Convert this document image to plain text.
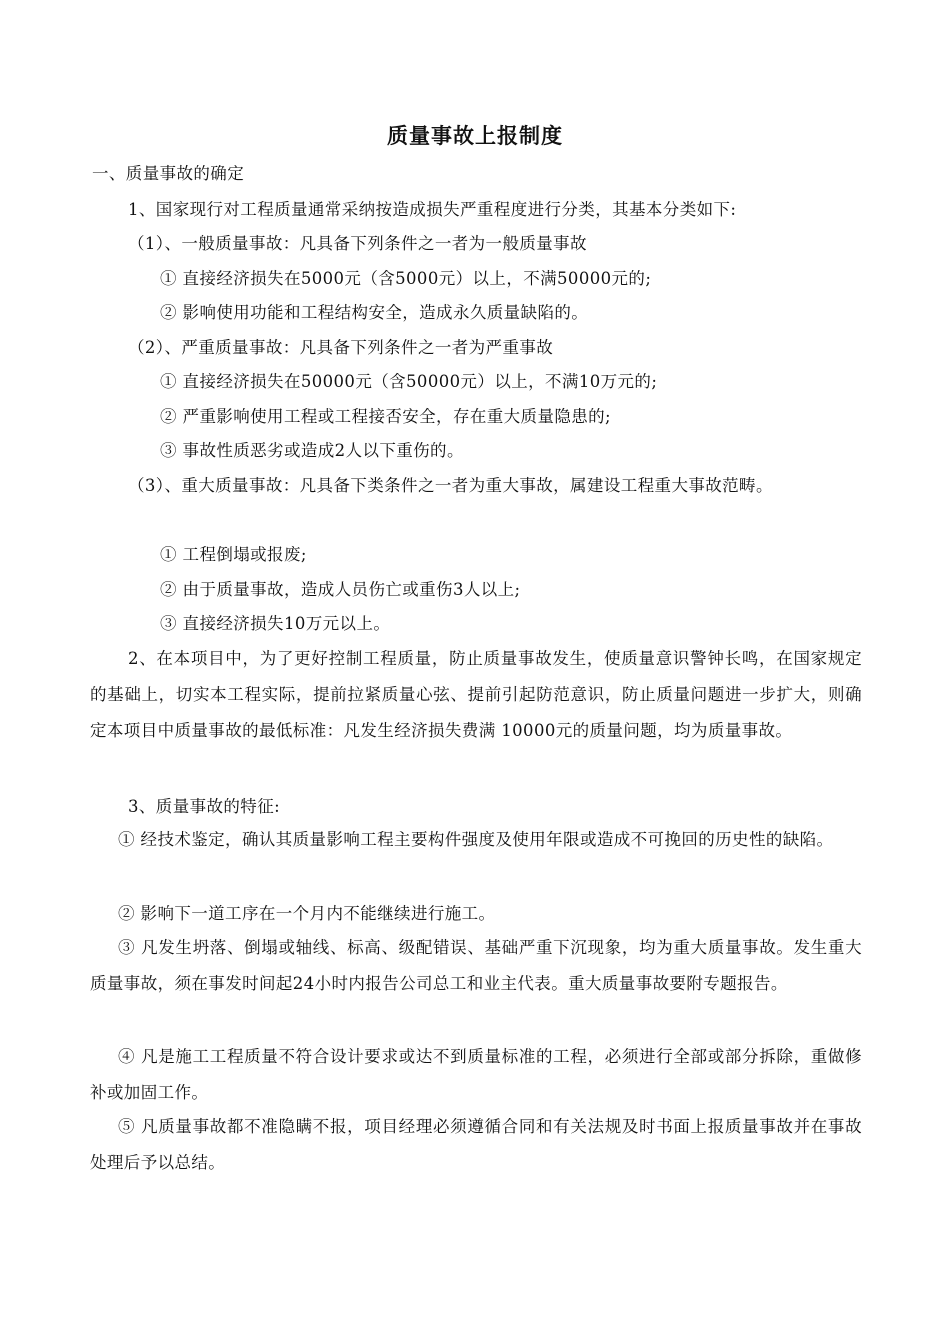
质量事故上报制度
一、质量事故的确定
1、国家现行对工程质量通常采纳按造成损失严重程度进行分类，其基本分类如下:
（1）、一般质量事故：凡具备下列条件之一者为一般质量事故
① 直接经济损失在5000元（含5000元）以上，不满50000元的;
② 影响使用功能和工程结构安全，造成永久质量缺陷的。
（2）、严重质量事故：凡具备下列条件之一者为严重事故
① 直接经济损失在50000元（含50000元）以上，不满10万元的;
② 严重影响使用工程或工程接否安全，存在重大质量隐患的;
③ 事故性质恶劣或造成2人以下重伤的。
（3）、重大质量事故：凡具备下类条件之一者为重大事故，属建设工程重大事故范畴。
① 工程倒塌或报废;
② 由于质量事故，造成人员伤亡或重伤3人以上;
③ 直接经济损失10万元以上。
2、在本项目中，为了更好控制工程质量，防止质量事故发生，使质量意识警钟长鸣，在国家规定的基础上，切实本工程实际，提前拉紧质量心弦、提前引起防范意识，防止质量问题进一步扩大，则确定本项目中质量事故的最低标准：凡发生经济损失费满 10000元的质量问题，均为质量事故。
3、质量事故的特征:
① 经技术鉴定，确认其质量影响工程主要构件强度及使用年限或造成不可挽回的历史性的缺陷。
② 影响下一道工序在一个月内不能继续进行施工。
③ 凡发生坍落、倒塌或轴线、标高、级配错误、基础严重下沉现象，均为重大质量事故。发生重大质量事故，须在事发时间起24小时内报告公司总工和业主代表。重大质量事故要附专题报告。
④ 凡是施工工程质量不符合设计要求或达不到质量标准的工程，必须进行全部或部分拆除，重做修补或加固工作。
⑤ 凡质量事故都不准隐瞒不报，项目经理必须遵循合同和有关法规及时书面上报质量事故并在事故处理后予以总结。
